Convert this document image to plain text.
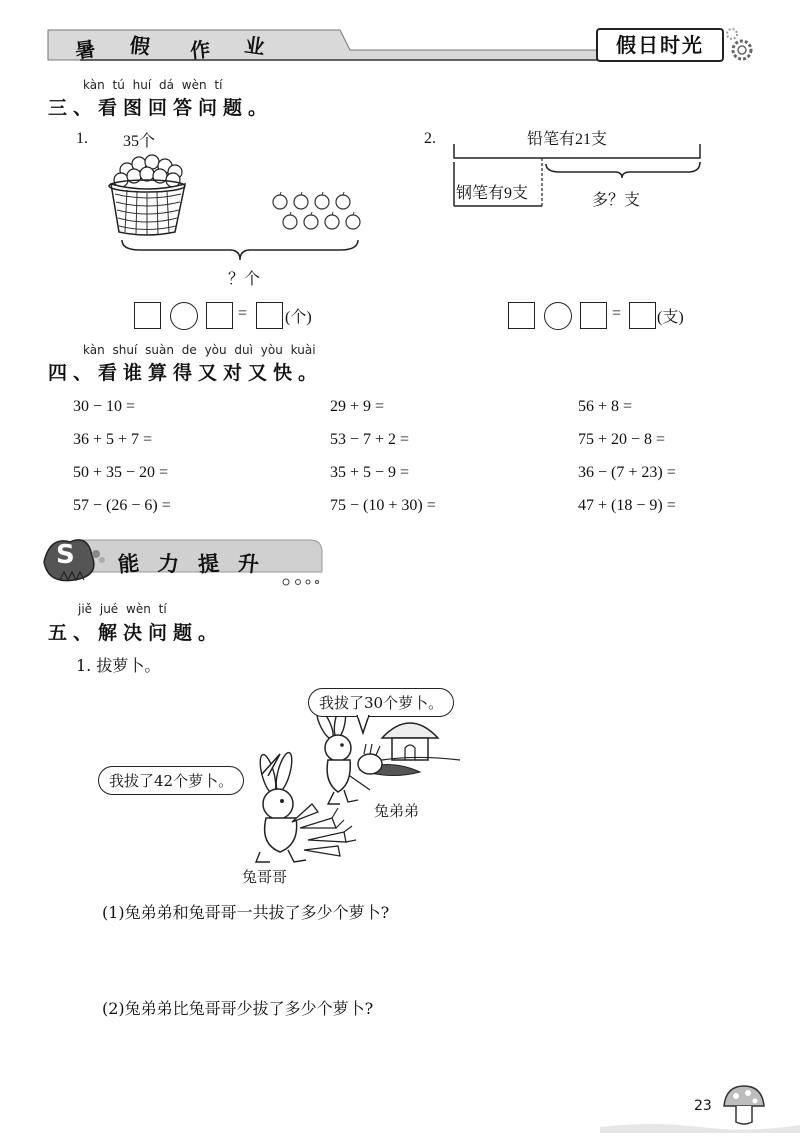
暑 假 作 业	假日时光
kàn tú huí dá wèn tí
三、看图回答问题。
1. 35个
？个
= (个)
2.	铅笔有21支
钢笔有9支	多？支
= (支)
kàn shuí suàn de yòu duì yòu kuài
四、看谁算得又对又快。
30 − 10 =	29 + 9 =	56 + 8 =
36 + 5 + 7 =	53 − 7 + 2 =	75 + 20 − 8 =
50 + 35 − 20 =	35 + 5 − 9 =	36 − (7 + 23) =
57 − (26 − 6) =	75 − (10 + 30) =	47 + (18 − 9) =
S 能 力 提 升
jiě jué wèn tí
五、解决问题。
1. 拔萝卜。
我拔了30个萝卜。
我拔了42个萝卜。
兔弟弟
兔哥哥
(1)兔弟弟和兔哥哥一共拔了多少个萝卜?
(2)兔弟弟比兔哥哥少拔了多少个萝卜?
23
